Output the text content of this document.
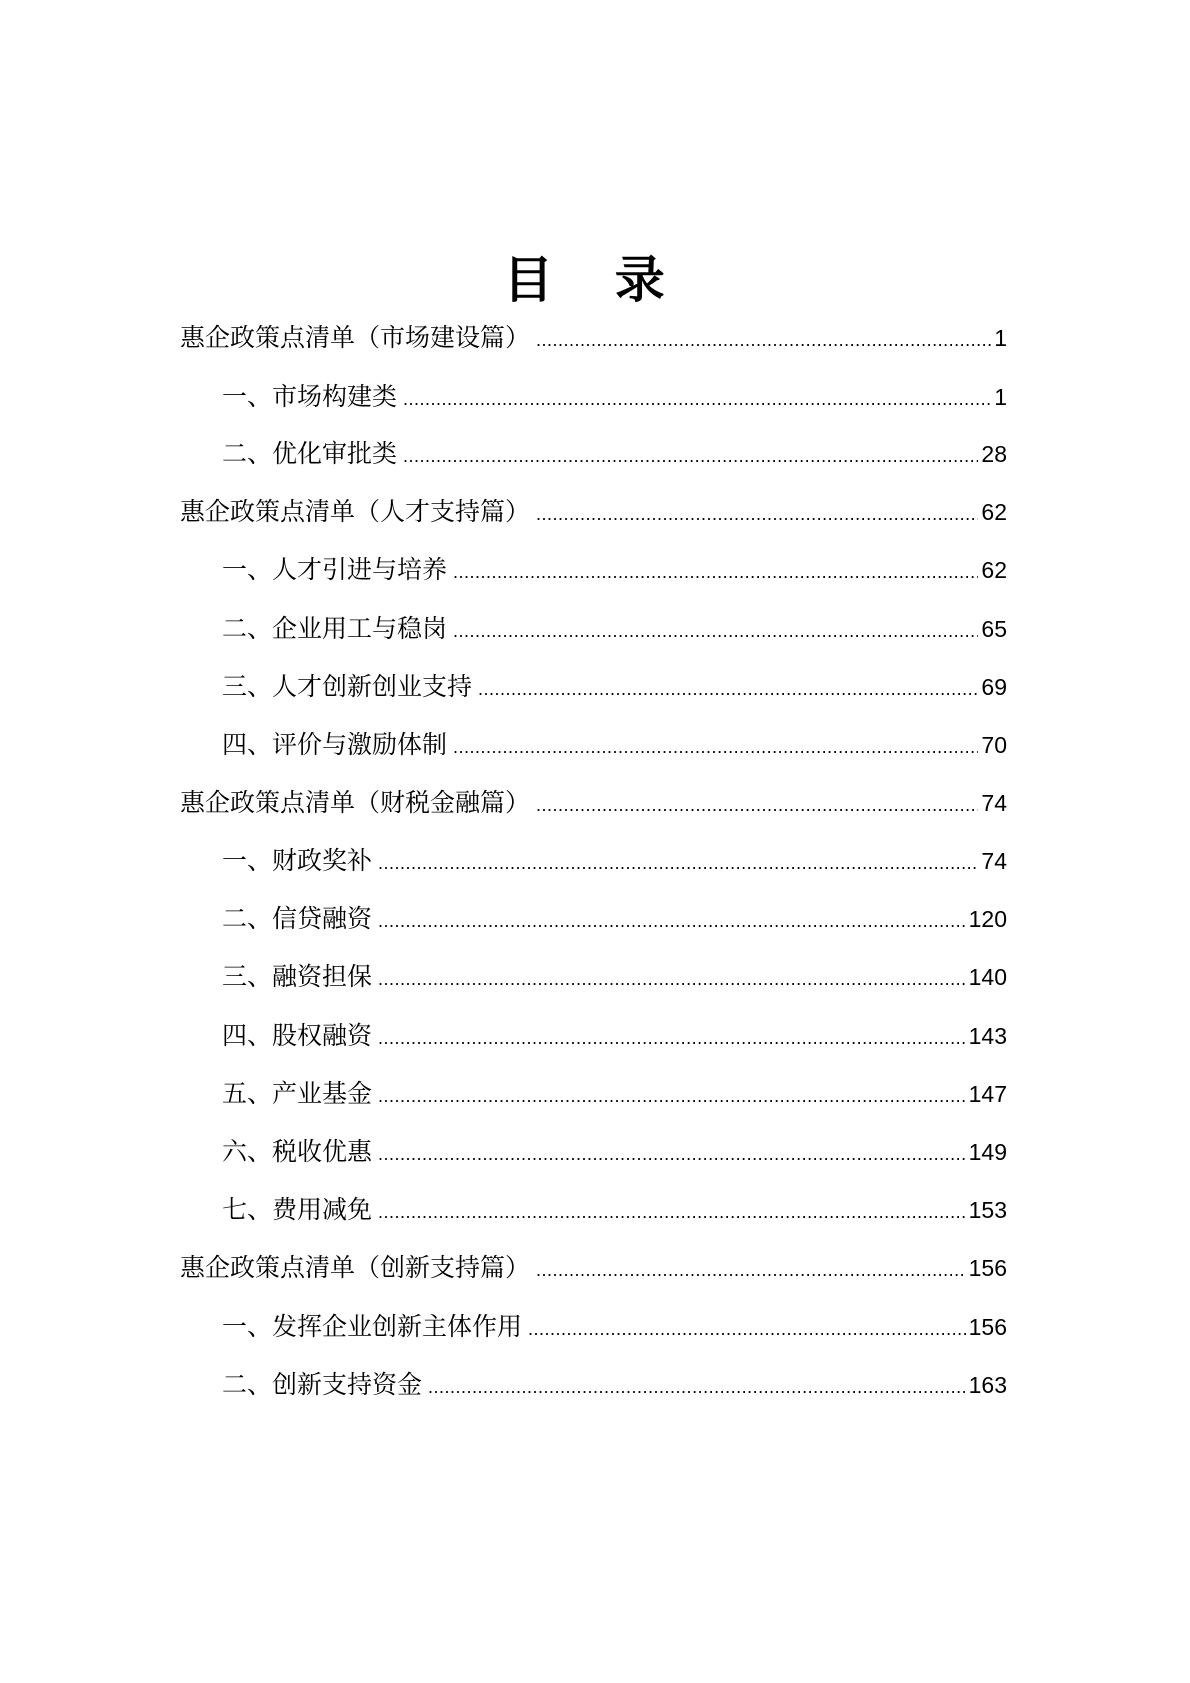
目 录
惠企政策点清单（市场建设篇） .....	1
一、市场构建类 .....	1
二、优化审批类 .....	28
惠企政策点清单（人才支持篇） .....	62
一、人才引进与培养 .....	62
二、企业用工与稳岗 .....	65
三、人才创新创业支持 .....	69
四、评价与激励体制 .....	70
惠企政策点清单（财税金融篇） .....	74
一、财政奖补 .....	74
二、信贷融资 .....	120
三、融资担保 .....	140
四、股权融资 .....	143
五、产业基金 .....	147
六、税收优惠 .....	149
七、费用减免 .....	153
惠企政策点清单（创新支持篇） .....	156
一、发挥企业创新主体作用 .....	156
二、创新支持资金 .....	163
